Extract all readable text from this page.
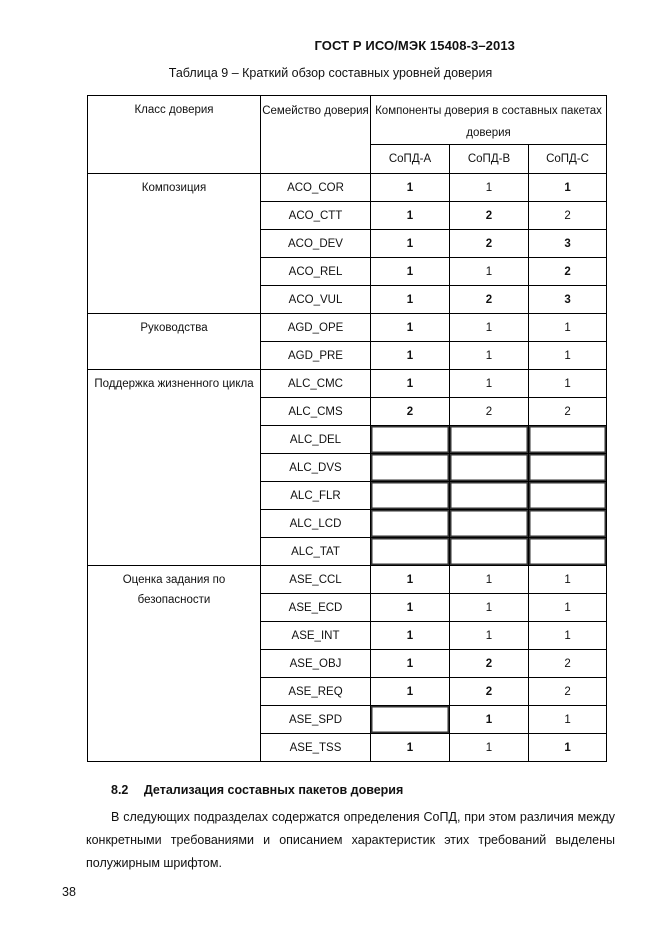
ГОСТ Р ИСО/МЭК 15408-3–2013
Таблица 9 – Краткий обзор составных уровней доверия
Класс доверия	Семейство доверия	Компоненты доверия в составных пакетах доверия		
		СоПД-А	СоПД-В	СоПД-С
Композиция	ACO_COR	1	1	1
	ACO_CTT	1	2	2
	ACO_DEV	1	2	3
	ACO_REL	1	1	2
	ACO_VUL	1	2	3
Руководства	AGD_OPE	1	1	1
	AGD_PRE	1	1	1
Поддержка жизненного цикла	ALC_CMC	1	1	1
	ALC_CMS	2	2	2
	ALC_DEL			
	ALC_DVS			
	ALC_FLR			
	ALC_LCD			
	ALC_TAT			
Оценка задания по безопасности	ASE_CCL	1	1	1
	ASE_ECD	1	1	1
	ASE_INT	1	1	1
	ASE_OBJ	1	2	2
	ASE_REQ	1	2	2
	ASE_SPD		1	1
	ASE_TSS	1	1	1
8.2 Детализация составных пакетов доверия
В следующих подразделах содержатся определения СоПД, при этом различия между конкретными требованиями и описанием характеристик этих требований выделены полужирным шрифтом.
38
